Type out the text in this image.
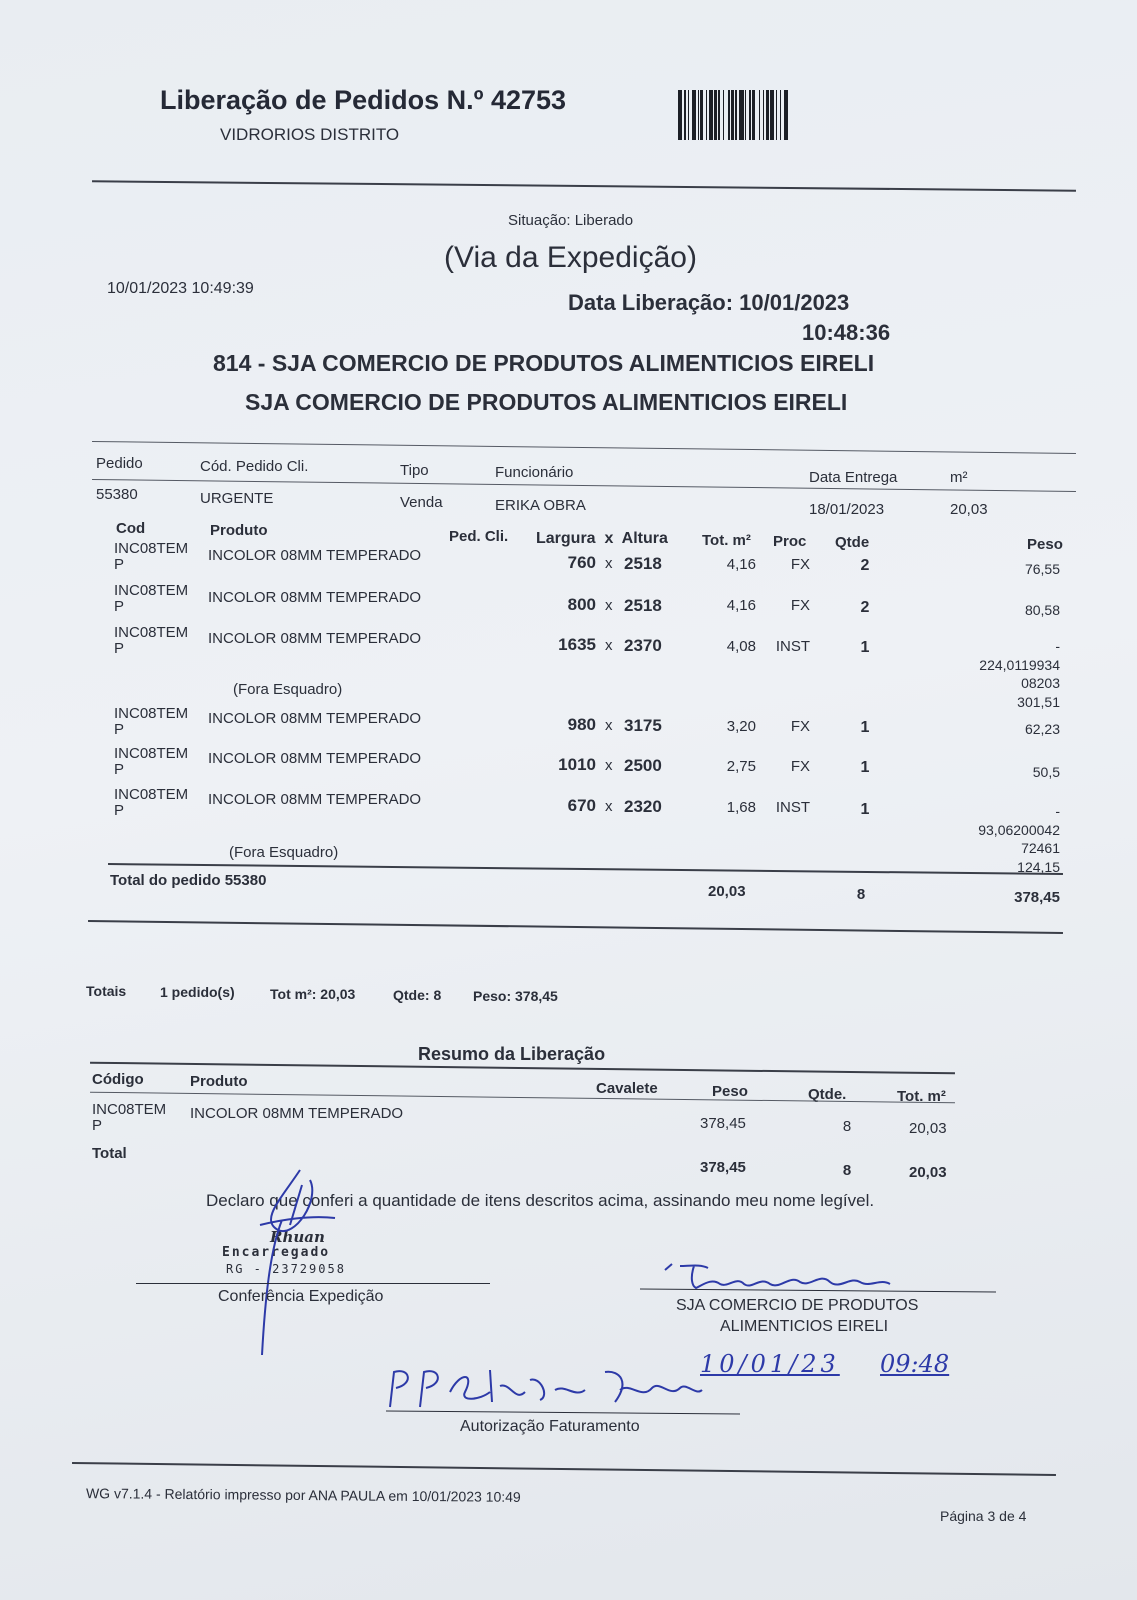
Liberação de Pedidos N.º 42753
VIDRORIOS DISTRITO
Situação: Liberado
(Via da Expedição)
10/01/2023 10:49:39
Data Liberação: 10/01/2023
10:48:36
814 - SJA COMERCIO DE PRODUTOS ALIMENTICIOS EIRELI
SJA COMERCIO DE PRODUTOS ALIMENTICIOS EIRELI
Pedido	Cód. Pedido Cli.	Tipo	Funcionário	Data Entrega	m²
55380	URGENTE	Venda	ERIKA OBRA	18/01/2023	20,03
Cod	Produto	Ped. Cli. Largura  x  Altura Tot. m² Proc Qtde	Peso
INC08TEM
P
INCOLOR 08MM TEMPERADO	760 x 2518	4,16	FX	2	76,55
INC08TEM
P
INCOLOR 08MM TEMPERADO	800 x 2518	4,16	FX	2	80,58
INC08TEM
P
INCOLOR 08MM TEMPERADO	1635 x 2370	4,08	INST	1	-
224,0119934
08203
301,51
(Fora Esquadro)
INC08TEM
P
INCOLOR 08MM TEMPERADO	980 x 3175	3,20	FX	1	62,23
INC08TEM
P
INCOLOR 08MM TEMPERADO	1010 x 2500	2,75	FX	1	50,5
INC08TEM
P
INCOLOR 08MM TEMPERADO	670 x 2320	1,68	INST	1	-
93,06200042
72461
124,15
(Fora Esquadro)
Total do pedido 55380
20,03	8	378,45
Totais 1 pedido(s)	Tot m²: 20,03	Qtde: 8 Peso: 378,45
Resumo da Liberação
Código	Produto	Cavalete	Peso	Qtde.	Tot. m²
INC08TEM
P
INCOLOR 08MM TEMPERADO
378,45	8	20,03
Total
378,45	8	20,03
Declaro que conferi a quantidade de itens descritos acima, assinando meu nome legível.
Rhuan
Encarregado
RG - 23729058
Conferência Expedição
SJA COMERCIO DE PRODUTOS
ALIMENTICIOS EIRELI
10/01/23 09:48
Autorização Faturamento
WG v7.1.4 - Relatório impresso por ANA PAULA em 10/01/2023 10:49
Página 3 de 4
